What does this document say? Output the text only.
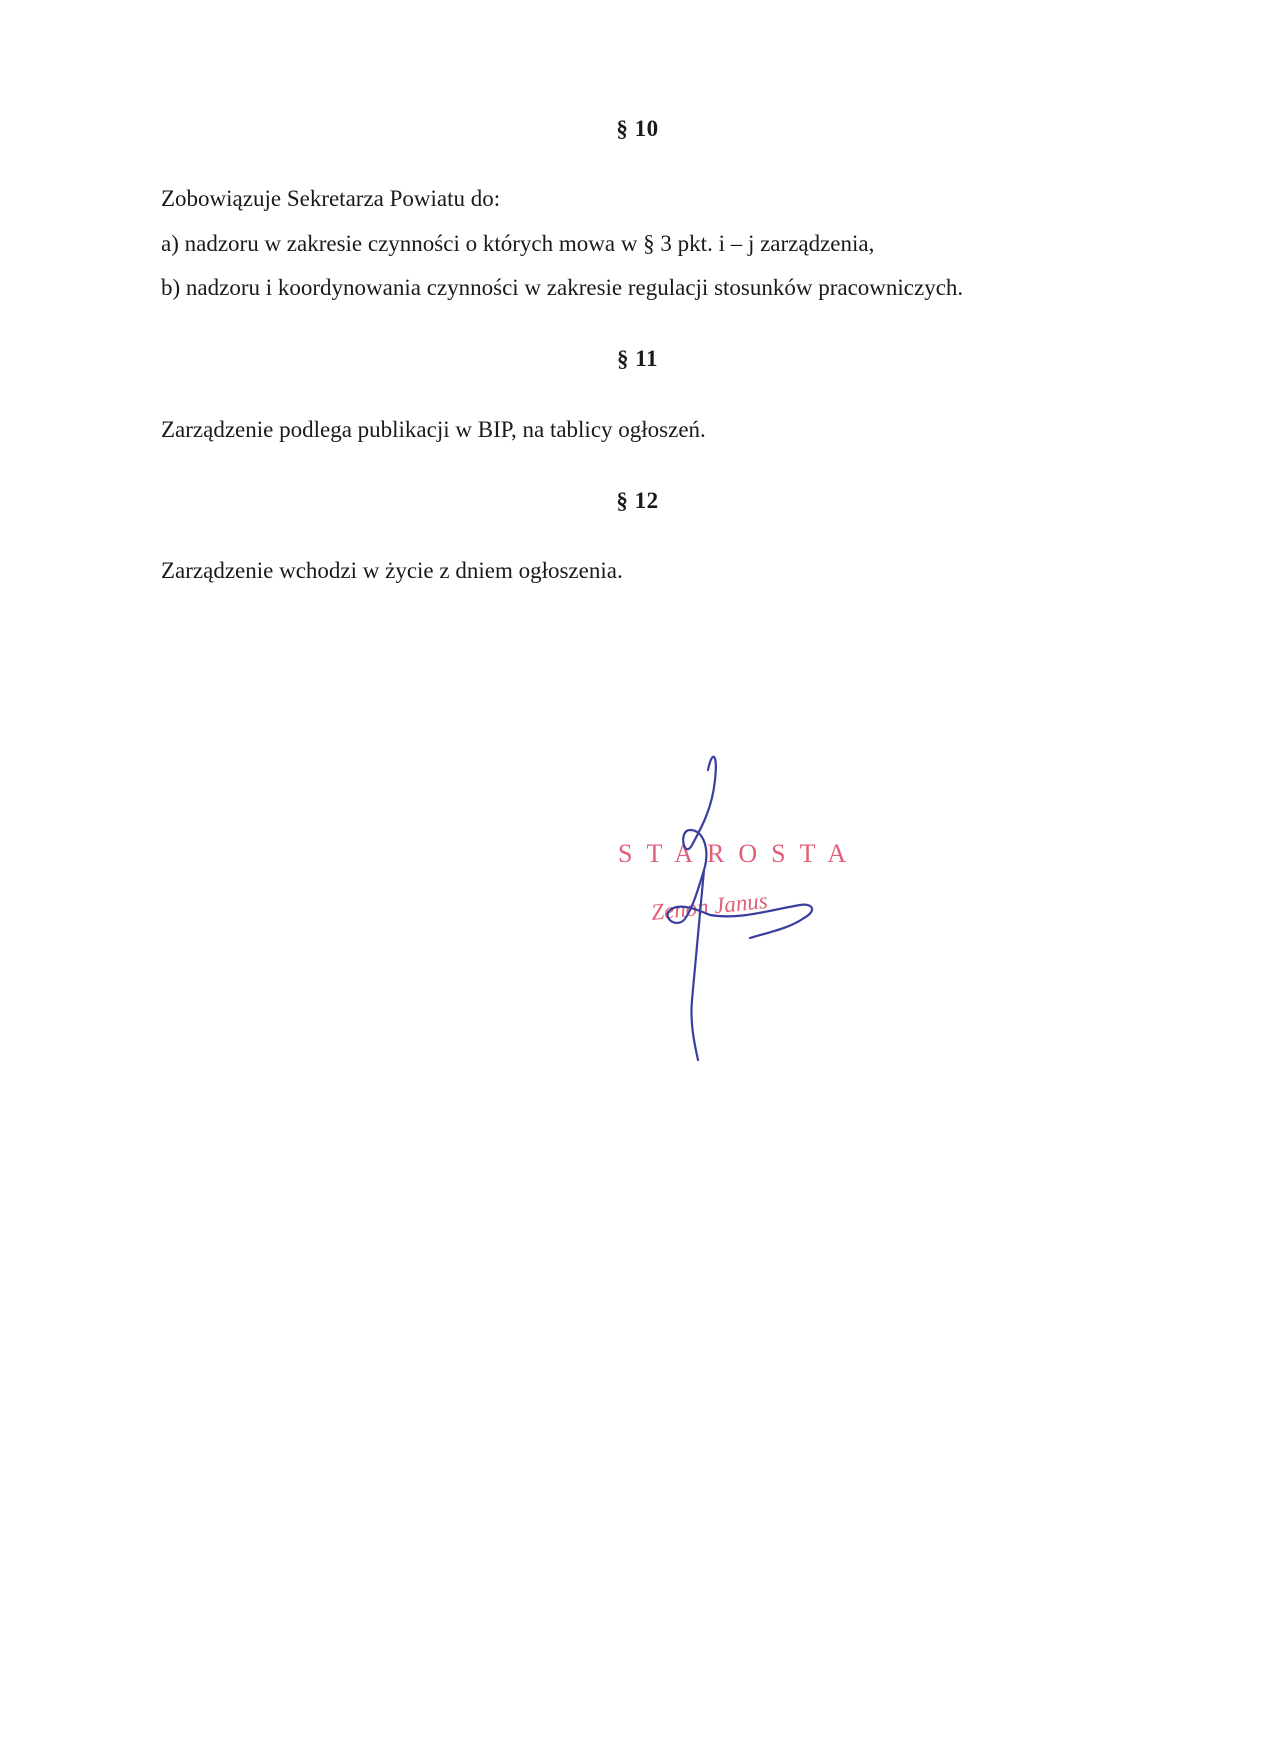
§ 10
Zobowiązuje Sekretarza Powiatu do:
a) nadzoru w zakresie czynności o których mowa w § 3 pkt. i – j zarządzenia,
b) nadzoru i koordynowania czynności w zakresie regulacji stosunków pracowniczych.
§ 11
Zarządzenie podlega publikacji w BIP, na tablicy ogłoszeń.
§ 12
Zarządzenie wchodzi w życie z dniem ogłoszenia.
STAROSTA
Zenon Janus
